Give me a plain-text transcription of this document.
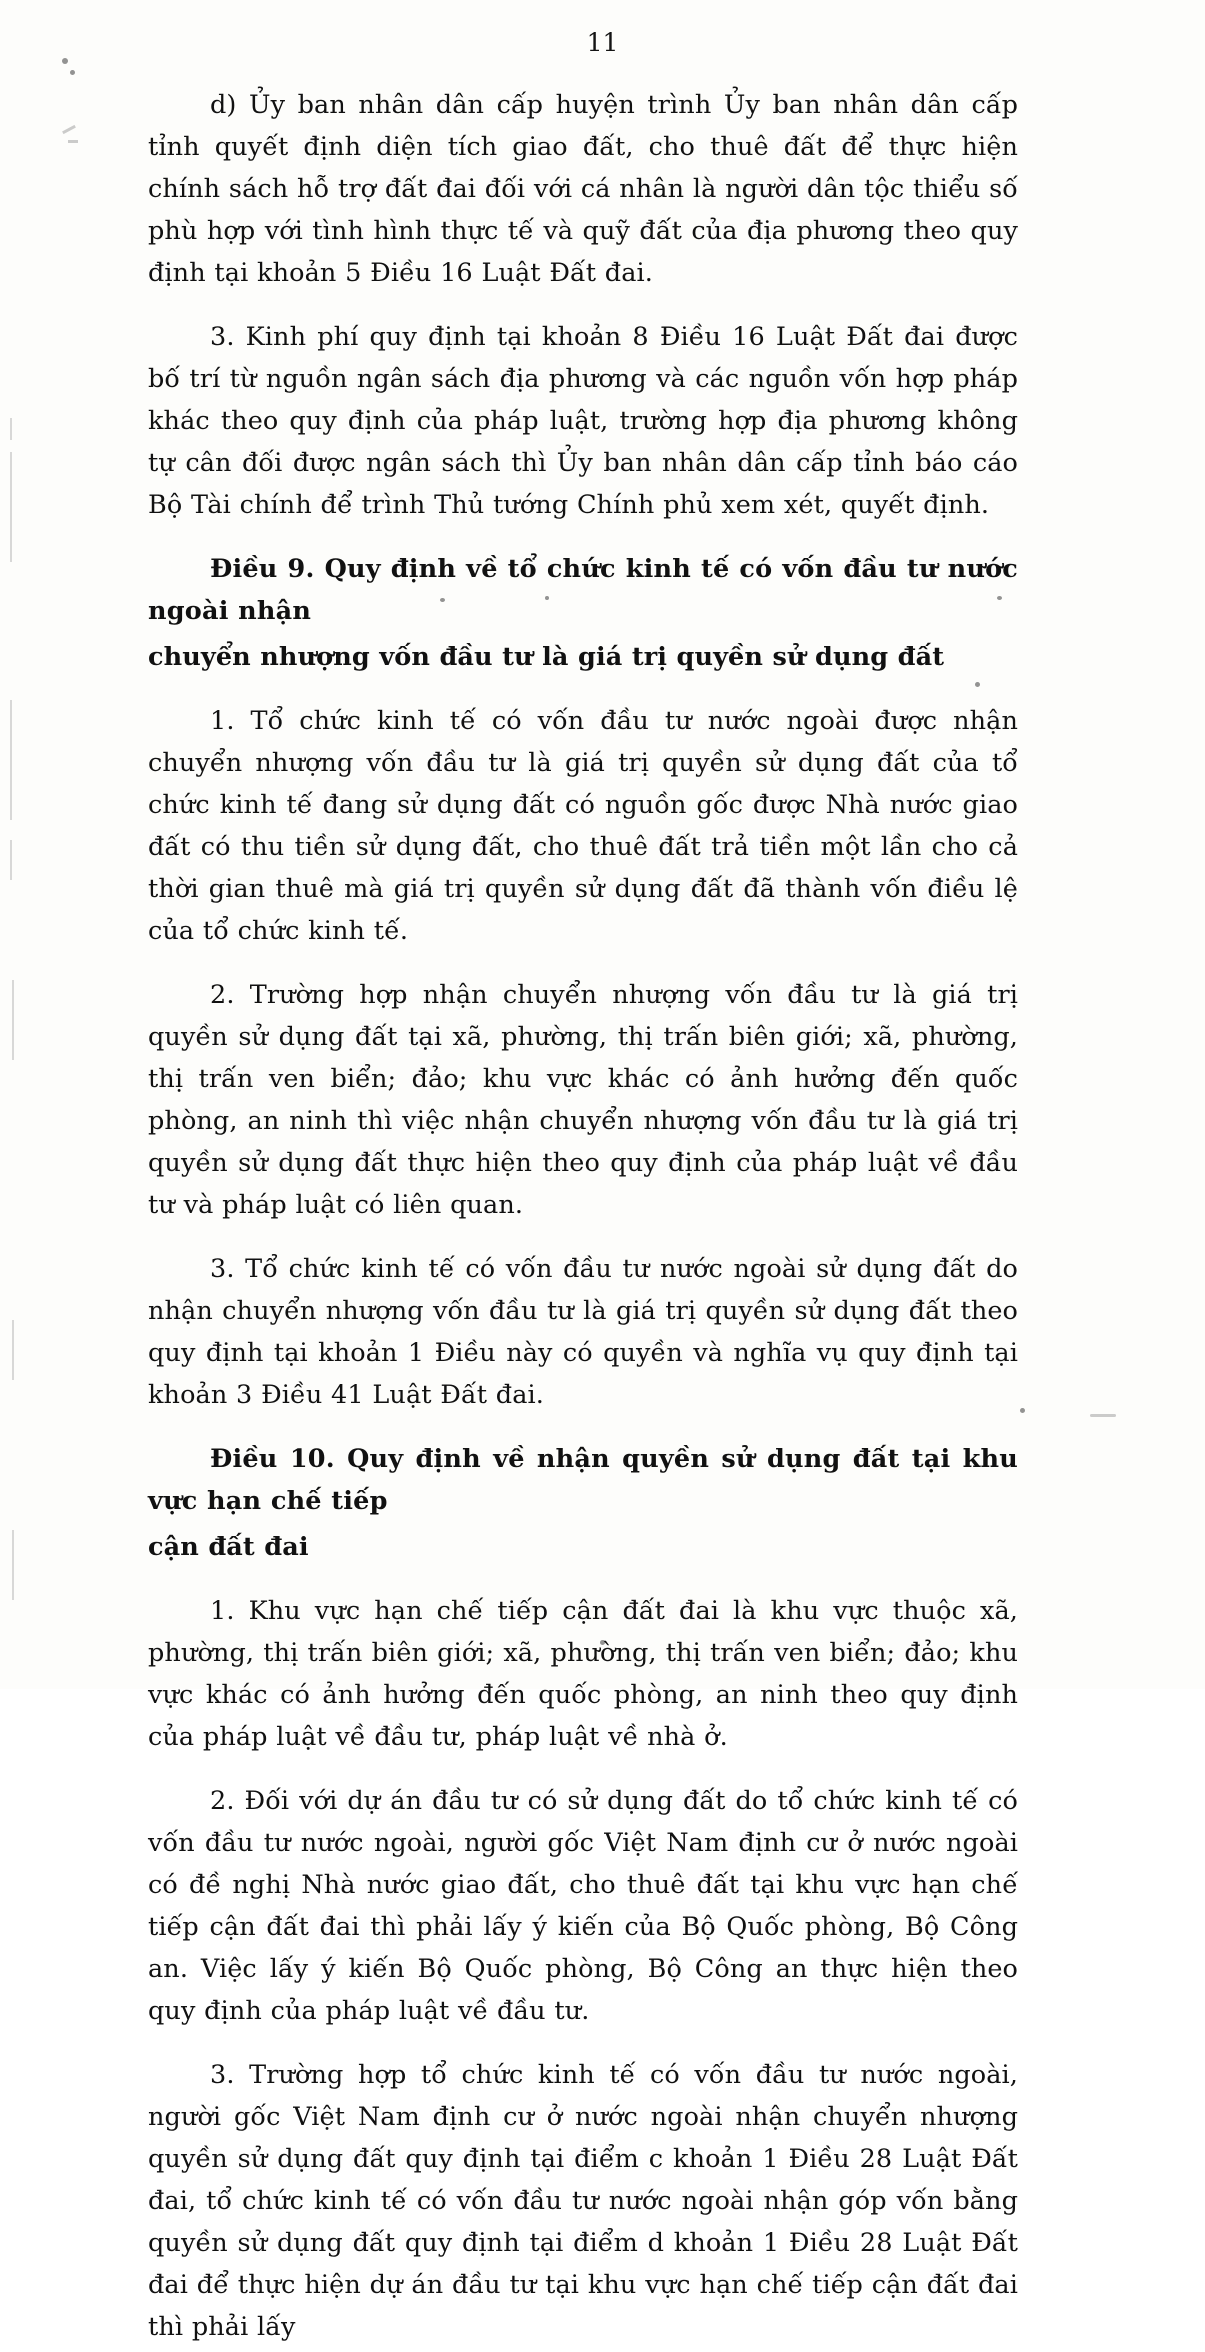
11

d) Ủy ban nhân dân cấp huyện trình Ủy ban nhân dân cấp tỉnh quyết định diện tích giao đất, cho thuê đất để thực hiện chính sách hỗ trợ đất đai đối với cá nhân là người dân tộc thiểu số phù hợp với tình hình thực tế và quỹ đất của địa phương theo quy định tại khoản 5 Điều 16 Luật Đất đai.

3. Kinh phí quy định tại khoản 8 Điều 16 Luật Đất đai được bố trí từ nguồn ngân sách địa phương và các nguồn vốn hợp pháp khác theo quy định của pháp luật, trường hợp địa phương không tự cân đối được ngân sách thì Ủy ban nhân dân cấp tỉnh báo cáo Bộ Tài chính để trình Thủ tướng Chính phủ xem xét, quyết định.

Điều 9. Quy định về tổ chức kinh tế có vốn đầu tư nước ngoài nhận

chuyển nhượng vốn đầu tư là giá trị quyền sử dụng đất

1. Tổ chức kinh tế có vốn đầu tư nước ngoài được nhận chuyển nhượng vốn đầu tư là giá trị quyền sử dụng đất của tổ chức kinh tế đang sử dụng đất có nguồn gốc được Nhà nước giao đất có thu tiền sử dụng đất, cho thuê đất trả tiền một lần cho cả thời gian thuê mà giá trị quyền sử dụng đất đã thành vốn điều lệ của tổ chức kinh tế.

2. Trường hợp nhận chuyển nhượng vốn đầu tư là giá trị quyền sử dụng đất tại xã, phường, thị trấn biên giới; xã, phường, thị trấn ven biển; đảo; khu vực khác có ảnh hưởng đến quốc phòng, an ninh thì việc nhận chuyển nhượng vốn đầu tư là giá trị quyền sử dụng đất thực hiện theo quy định của pháp luật về đầu tư và pháp luật có liên quan.

3. Tổ chức kinh tế có vốn đầu tư nước ngoài sử dụng đất do nhận chuyển nhượng vốn đầu tư là giá trị quyền sử dụng đất theo quy định tại khoản 1 Điều này có quyền và nghĩa vụ quy định tại khoản 3 Điều 41 Luật Đất đai.

Điều 10. Quy định về nhận quyền sử dụng đất tại khu vực hạn chế tiếp

cận đất đai

1. Khu vực hạn chế tiếp cận đất đai là khu vực thuộc xã, phường, thị trấn biên giới; xã, phường, thị trấn ven biển; đảo; khu vực khác có ảnh hưởng đến quốc phòng, an ninh theo quy định của pháp luật về đầu tư, pháp luật về nhà ở.

2. Đối với dự án đầu tư có sử dụng đất do tổ chức kinh tế có vốn đầu tư nước ngoài, người gốc Việt Nam định cư ở nước ngoài có đề nghị Nhà nước giao đất, cho thuê đất tại khu vực hạn chế tiếp cận đất đai thì phải lấy ý kiến của Bộ Quốc phòng, Bộ Công an. Việc lấy ý kiến Bộ Quốc phòng, Bộ Công an thực hiện theo quy định của pháp luật về đầu tư.

3. Trường hợp tổ chức kinh tế có vốn đầu tư nước ngoài, người gốc Việt Nam định cư ở nước ngoài nhận chuyển nhượng quyền sử dụng đất quy định tại điểm c khoản 1 Điều 28 Luật Đất đai, tổ chức kinh tế có vốn đầu tư nước ngoài nhận góp vốn bằng quyền sử dụng đất quy định tại điểm d khoản 1 Điều 28 Luật Đất đai để thực hiện dự án đầu tư tại khu vực hạn chế tiếp cận đất đai thì phải lấy
